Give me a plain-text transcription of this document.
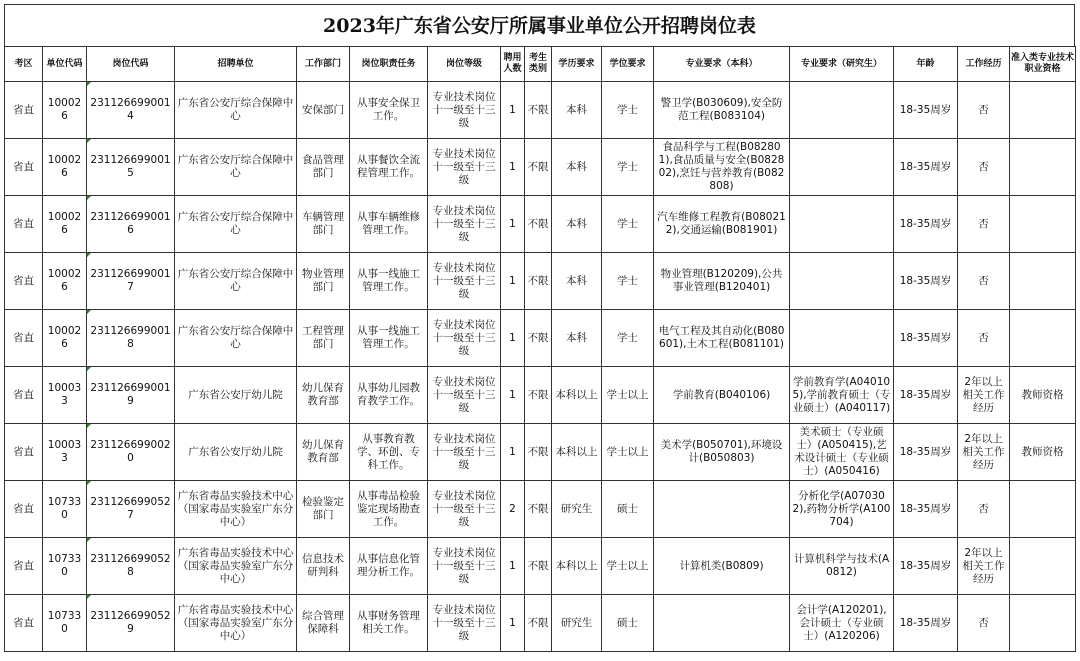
2023年广东省公安厅所属事业单位公开招聘岗位表
考区	单位代码	岗位代码	招聘单位	工作部门	岗位职责任务	岗位等级	聘用人数	考生类别	学历要求	学位要求	专业要求（本科）	专业要求（研究生）	年龄	工作经历	准入类专业技术职业资格
省直	100026	2311266990014	广东省公安厅综合保障中心	安保部门	从事安全保卫工作。	专业技术岗位十一级至十三级	1	不限	本科	学士	警卫学(B030609),安全防范工程(B083104)		18-35周岁	否	
省直	100026	2311266990015	广东省公安厅综合保障中心	食品管理部门	从事餐饮全流程管理工作。	专业技术岗位十一级至十三级	1	不限	本科	学士	食品科学与工程(B082801),食品质量与安全(B082802),烹饪与营养教育(B082808)		18-35周岁	否	
省直	100026	2311266990016	广东省公安厅综合保障中心	车辆管理部门	从事车辆维修管理工作。	专业技术岗位十一级至十三级	1	不限	本科	学士	汽车维修工程教育(B080212),交通运输(B081901)		18-35周岁	否	
省直	100026	2311266990017	广东省公安厅综合保障中心	物业管理部门	从事一线施工管理工作。	专业技术岗位十一级至十三级	1	不限	本科	学士	物业管理(B120209),公共事业管理(B120401)		18-35周岁	否	
省直	100026	2311266990018	广东省公安厅综合保障中心	工程管理部门	从事一线施工管理工作。	专业技术岗位十一级至十三级	1	不限	本科	学士	电气工程及其自动化(B080601),土木工程(B081101)		18-35周岁	否	
省直	100033	2311266990019	广东省公安厅幼儿院	幼儿保育教育部	从事幼儿园教育教学工作。	专业技术岗位十一级至十三级	1	不限	本科以上	学士以上	学前教育(B040106)	学前教育学(A040105),学前教育硕士（专业硕士）(A040117)	18-35周岁	2年以上相关工作经历	教师资格
省直	100033	2311266990020	广东省公安厅幼儿院	幼儿保育教育部	从事教育教学、环创、专科工作。	专业技术岗位十一级至十三级	1	不限	本科以上	学士以上	美术学(B050701),环境设计(B050803)	美术硕士（专业硕士）(A050415),艺术设计硕士（专业硕士）(A050416)	18-35周岁	2年以上相关工作经历	教师资格
省直	107330	2311266990527	广东省毒品实验技术中心（国家毒品实验室广东分中心）	检验鉴定部门	从事毒品检验鉴定现场勘查工作。	专业技术岗位十一级至十三级	2	不限	研究生	硕士		分析化学(A070302),药物分析学(A100704)	18-35周岁	否	
省直	107330	2311266990528	广东省毒品实验技术中心（国家毒品实验室广东分中心）	信息技术研判科	从事信息化管理分析工作。	专业技术岗位十一级至十三级	1	不限	本科以上	学士以上	计算机类(B0809)	计算机科学与技术(A0812)	18-35周岁	2年以上相关工作经历	
省直	107330	2311266990529	广东省毒品实验技术中心（国家毒品实验室广东分中心）	综合管理保障科	从事财务管理相关工作。	专业技术岗位十一级至十三级	1	不限	研究生	硕士		会计学(A120201),会计硕士（专业硕士）(A120206)	18-35周岁	否	
